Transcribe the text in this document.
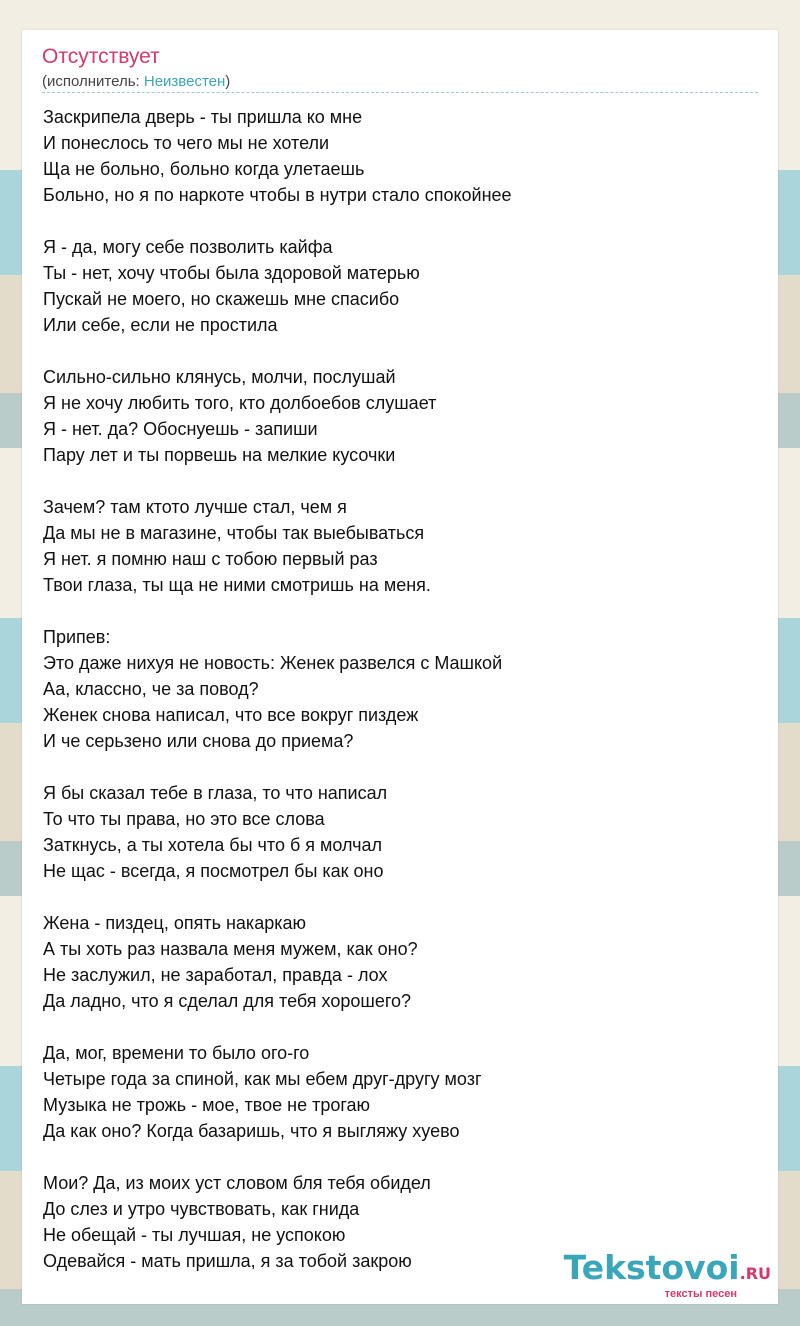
Отсутствует
(исполнитель: Неизвестен)
Заскрипела дверь - ты пришла ко мне
И понеслось то чего мы не хотели
Ща не больно, больно когда улетаешь
Больно, но я по наркоте чтобы в нутри стало спокойнее
Я - да, могу себе позволить кайфа
Ты - нет, хочу чтобы была здоровой матерью
Пускай не моего, но скажешь мне спасибо
Или себе, если не простила
Сильно-сильно клянусь, молчи, послушай
Я не хочу любить того, кто долбоебов слушает
Я - нет. да? Обоснуешь - запиши
Пару лет и ты порвешь на мелкие кусочки
Зачем? там ктото лучше стал, чем я
Да мы не в магазине, чтобы так выебываться
Я нет. я помню наш с тобою первый раз
Твои глаза, ты ща не ними смотришь на меня.
Припев:
Это даже нихуя не новость: Женек развелся с Машкой
Аа, классно, че за повод?
Женек снова написал, что все вокруг пиздеж
И че серьзено или снова до приема?
Я бы сказал тебе в глаза, то что написал
То что ты права, но это все слова
Заткнусь, а ты хотела бы что б я молчал
Не щас - всегда, я посмотрел бы как оно
Жена - пиздец, опять накаркаю
А ты хоть раз назвала меня мужем, как оно?
Не заслужил, не заработал, правда - лох
Да ладно, что я сделал для тебя хорошего?
Да, мог, времени то было ого-го
Четыре года за спиной, как мы ебем друг-другу мозг
Музыка не трожь - мое, твое не трогаю
Да как оно? Когда базаришь, что я выгляжу хуево
Мои? Да, из моих уст словом бля тебя обидел
До слез и утро чувствовать, как гнида
Не обещай - ты лучшая, не успокою
Одевайся - мать пришла, я за тобой закрою	Tekstovoi.RU
тексты песен
